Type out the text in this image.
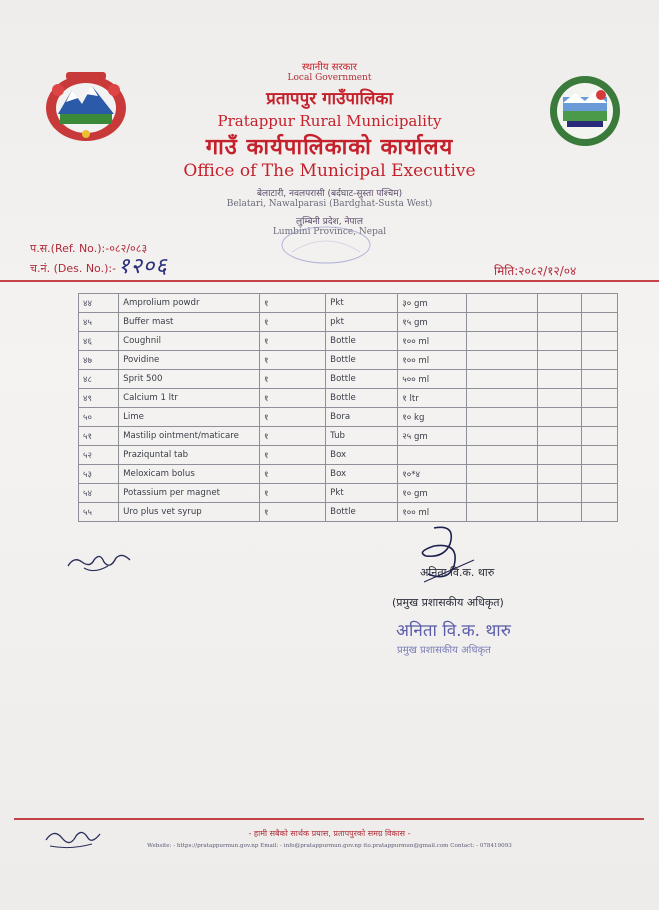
स्थानीय सरकार
Local Government
प्रतापपुर गाउँपालिका
Pratappur Rural Municipality
गाउँ कार्यपालिकाको कार्यालय
Office of The Municipal Executive
बेलाटारी, नवलपरासी (बर्दघाट-सुस्ता पश्चिम)
Belatari, Nawalparasi (Bardghat-Susta West)
लुम्बिनी प्रदेश, नेपाल
Lumbini Province, Nepal
प.स.(Ref. No.):-०८२/०८३
च.नं. (Des. No.):- १२०६	मिति:२०८२/१२/०४
४४	Amprolium powdr	१	Pkt	३० gm			
४५	Buffer mast	१	pkt	१५ gm			
४६	Coughnil	१	Bottle	१०० ml			
४७	Povidine	१	Bottle	१०० ml			
४८	Sprit 500	१	Bottle	५०० ml			
४९	Calcium 1 ltr	१	Bottle	१ ltr			
५०	Lime	१	Bora	१० kg			
५१	Mastilip ointment/maticare	१	Tub	२५ gm			
५२	Praziquntal tab	१	Box				
५३	Meloxicam bolus	१	Box	१०*४			
५४	Potassium per magnet	१	Pkt	१० gm			
५५	Uro plus vet syrup	१	Bottle	१०० ml			
अनिता वि.क. थारु
(प्रमुख प्रशासकीय अधिकृत)
अनिता वि.क. थारु
प्रमुख प्रशासकीय अधिकृत
- हामी सबैको सार्थक प्रयास, प्रतापपुरको समग्र विकास -
Website: - https://pratappurmun.gov.np Email: - info@pratappurmun.gov.np ito.pratappurmun@gmail.com Contact: - 078419093
